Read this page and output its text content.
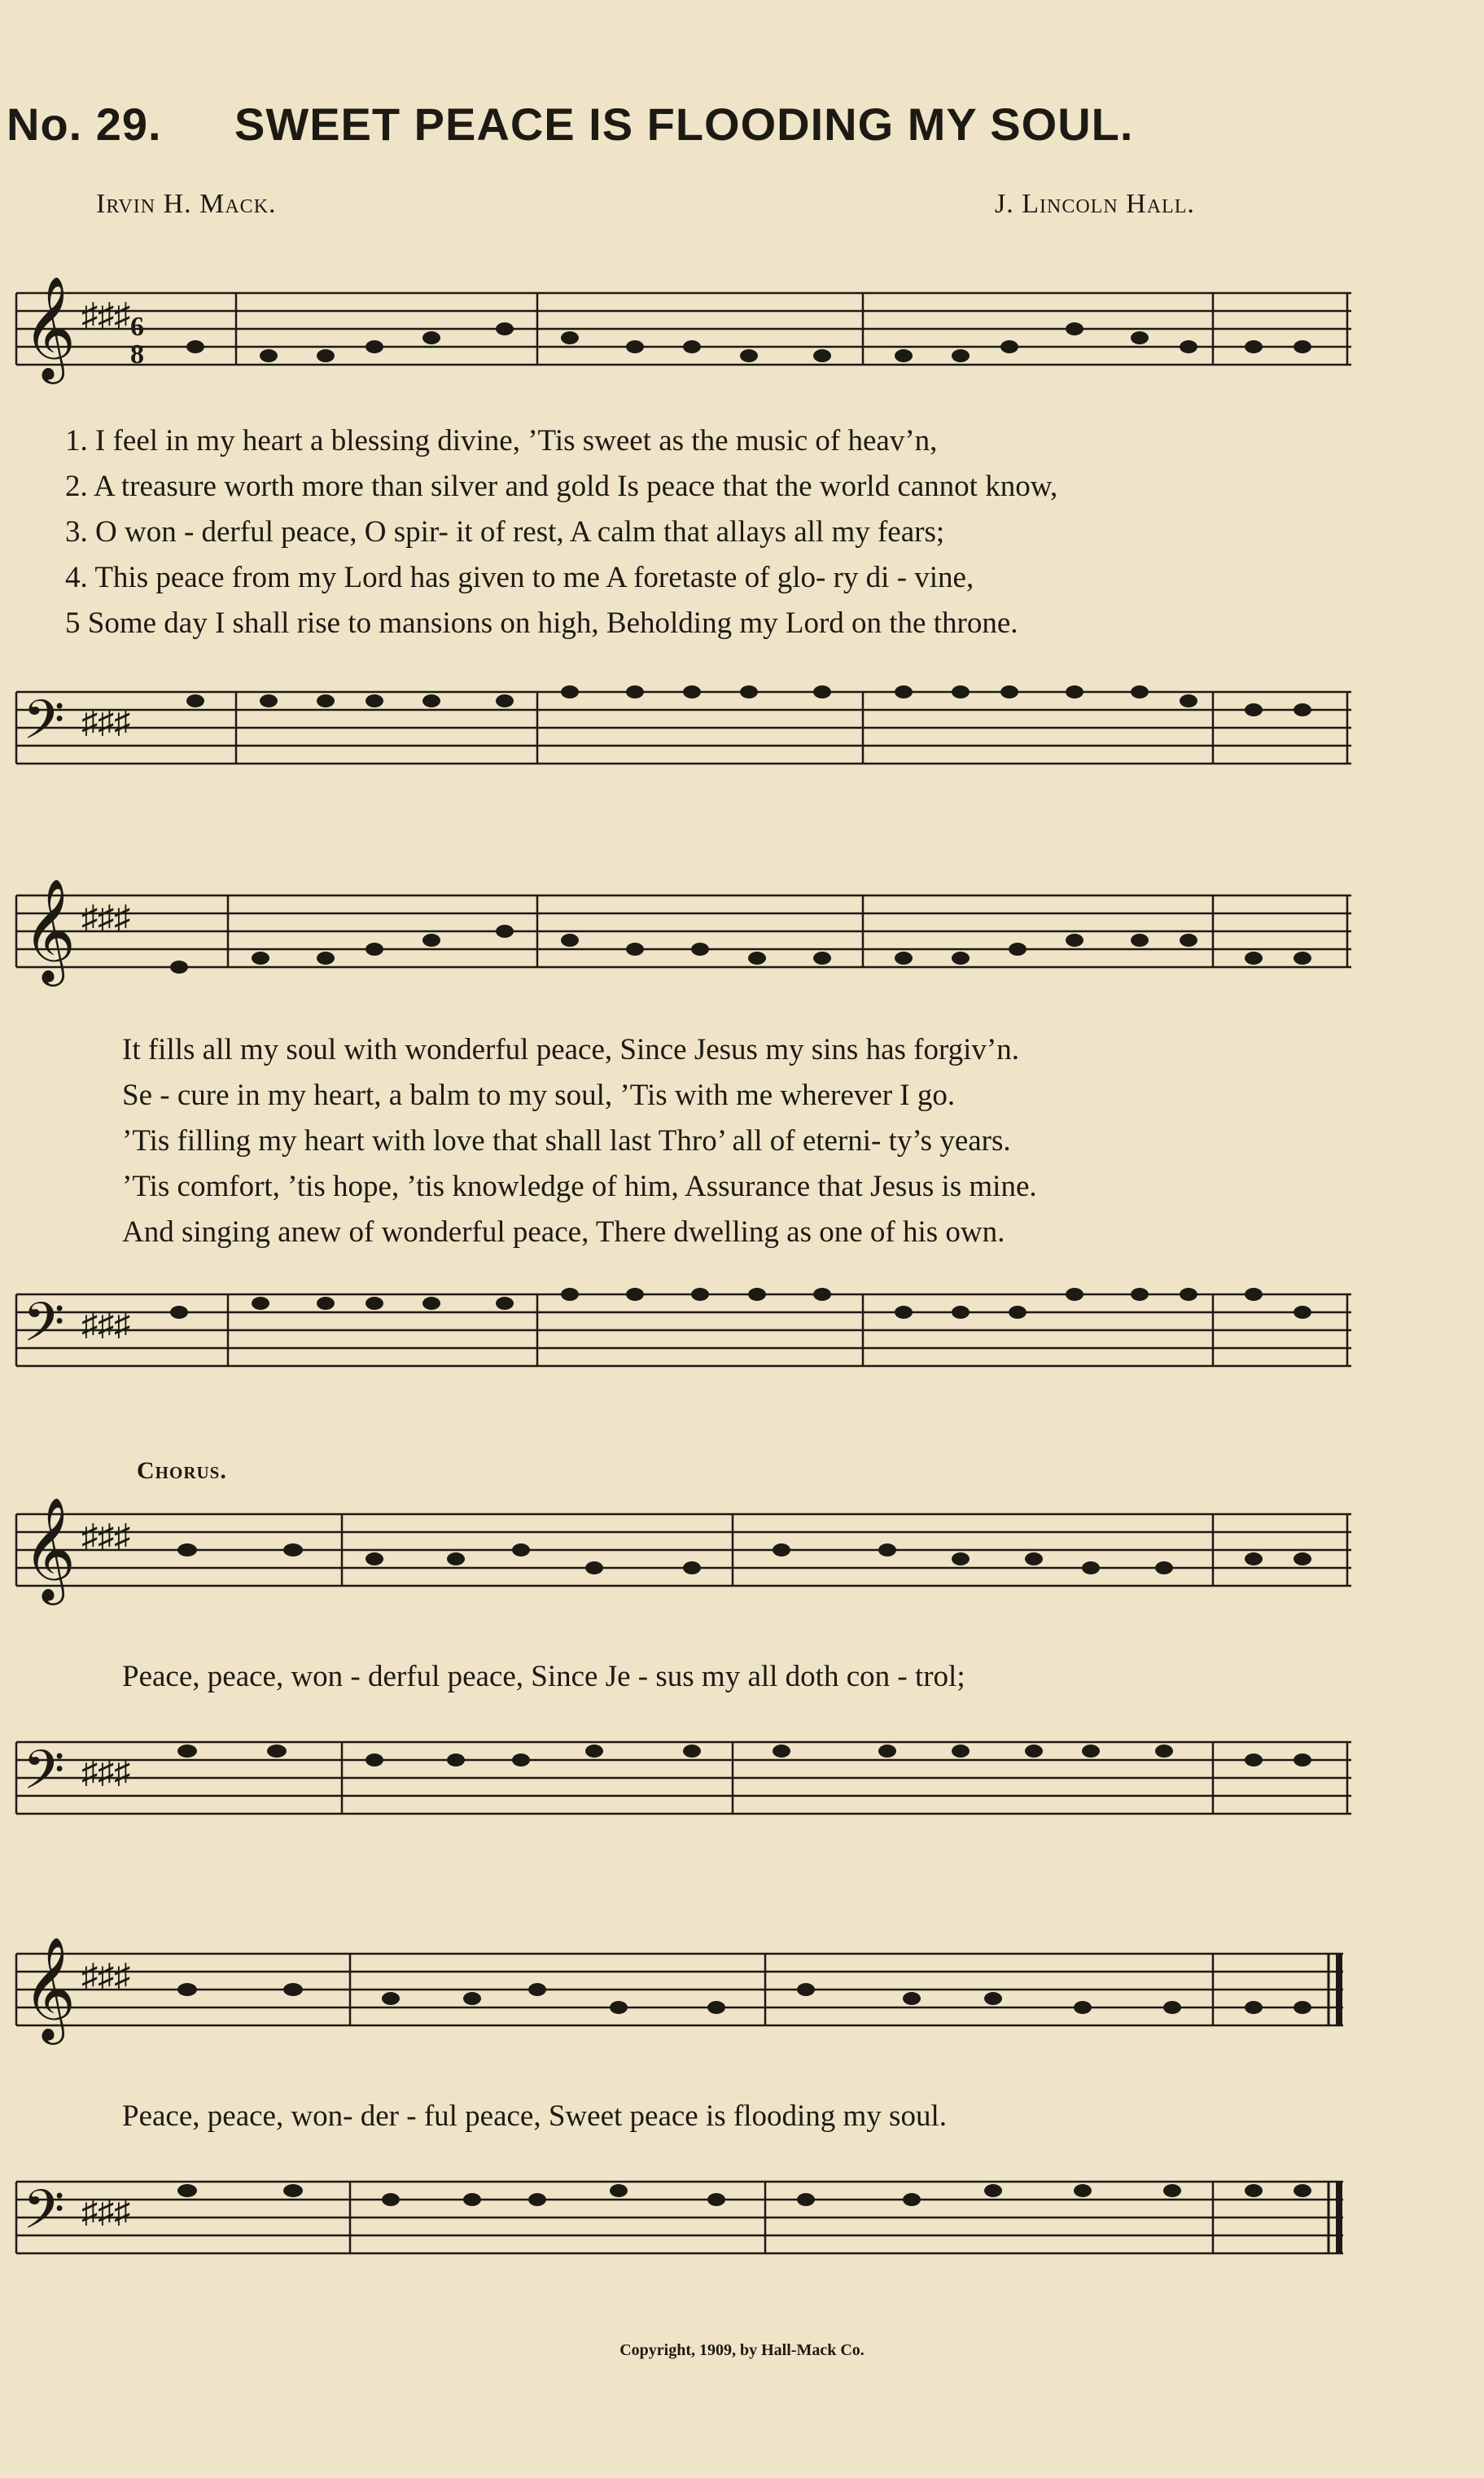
No. 29. SWEET PEACE IS FLOODING MY SOUL.
Irvin H. Mack.	J. Lincoln Hall.
𝄞 ♯♯♯ 6
8
1. I feel in my heart a blessing divine, ’Tis sweet as the music of heav’n,
2. A treasure worth more than silver and gold Is peace that the world cannot know,
3. O won - derful peace, O spir- it of rest, A calm that allays all my fears;
4. This peace from my Lord has given to me A foretaste of glo- ry di - vine,
5 Some day I shall rise to mansions on high, Beholding my Lord on the throne.
𝄢 ♯♯♯
𝄞 ♯♯♯
It fills all my soul with wonderful peace, Since Jesus my sins has forgiv’n.
Se - cure in my heart, a balm to my soul, ’Tis with me wherever I go.
’Tis filling my heart with love that shall last Thro’ all of eterni- ty’s years.
’Tis comfort, ’tis hope, ’tis knowledge of him, Assurance that Jesus is mine.
And singing anew of wonderful peace, There dwelling as one of his own.
𝄢 ♯♯♯
Chorus.
𝄞 ♯♯♯
Peace, peace, won - derful peace, Since Je - sus my all doth con - trol;
𝄢 ♯♯♯
𝄞 ♯♯♯
Peace, peace, won- der - ful peace, Sweet peace is flooding my soul.
𝄢 ♯♯♯
Copyright, 1909, by Hall-Mack Co.
